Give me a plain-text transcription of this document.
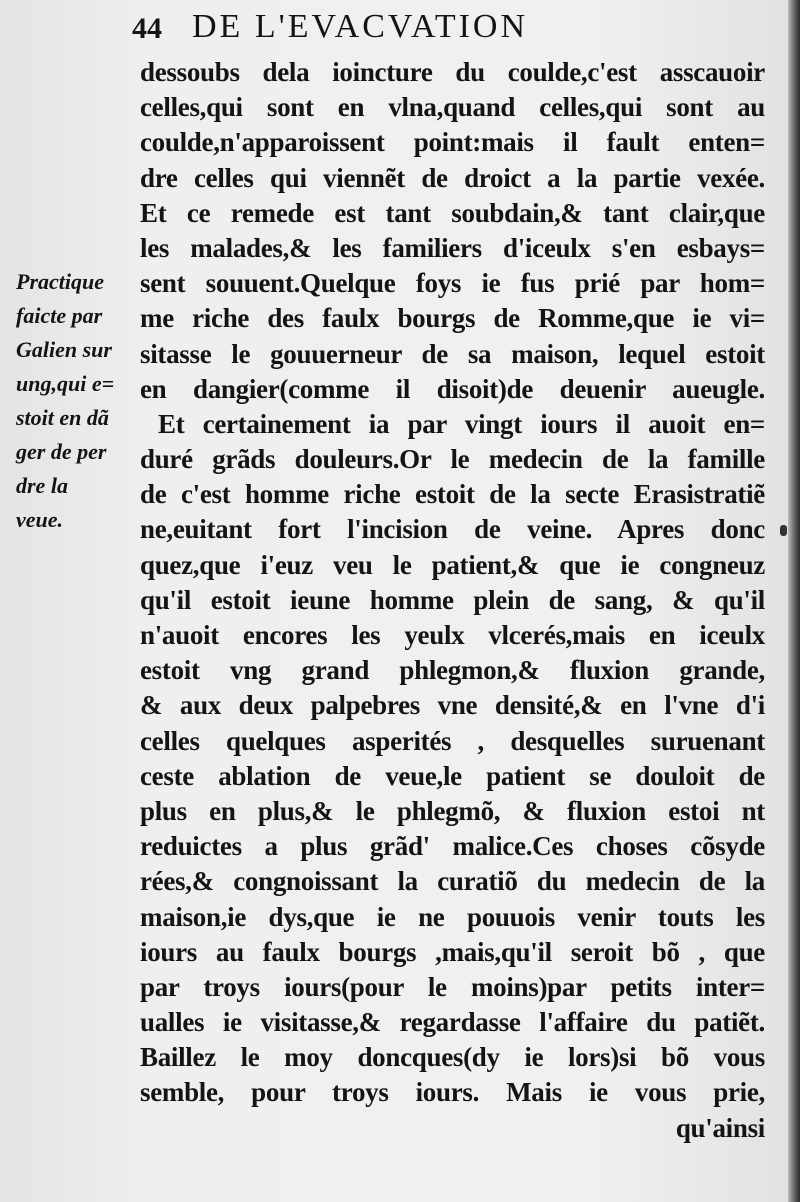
44 DE L'EVACVATION
Practique
faicte par
Galien sur
ung,qui e=
stoit en dã
ger de per
dre la
veue.
dessoubs dela ioincture du coulde,c'est asscauoir
celles,qui sont en vlna,quand celles,qui sont au
coulde,n'apparoissent point:mais il fault enten=
dre celles qui viennẽt de droict a la partie vexée.
Et ce remede est tant soubdain,& tant clair,que
les malades,& les familiers d'iceulx s'en esbays=
sent souuent.Quelque foys ie fus prié par hom=
me riche des faulx bourgs de Romme,que ie vi=
sitasse le gouuerneur de sa maison, lequel estoit
en dangier(comme il disoit)de deuenir aueugle.
Et certainement ia par vingt iours il auoit en=
duré grãds douleurs.Or le medecin de la famille
de c'est homme riche estoit de la secte Erasistratiẽ
ne,euitant fort l'incision de veine. Apres donc
quez,que i'euz veu le patient,& que ie congneuz
qu'il estoit ieune homme plein de sang, & qu'il
n'auoit encores les yeulx vlcerés,mais en iceulx
estoit vng grand phlegmon,& fluxion grande,
& aux deux palpebres vne densité,& en l'vne d'i
celles quelques asperités , desquelles suruenant
ceste ablation de veue,le patient se douloit de
plus en plus,& le phlegmõ, & fluxion estoi nt
reduictes a plus grãd' malice.Ces choses cõsyde
rées,& congnoissant la curatiõ du medecin de la
maison,ie dys,que ie ne pouuois venir touts les
iours au faulx bourgs ,mais,qu'il seroit bõ , que
par troys iours(pour le moins)par petits inter=
ualles ie visitasse,& regardasse l'affaire du patiẽt.
Baillez le moy doncques(dy ie lors)si bõ vous
semble, pour troys iours. Mais ie vous prie,
qu'ainsi
